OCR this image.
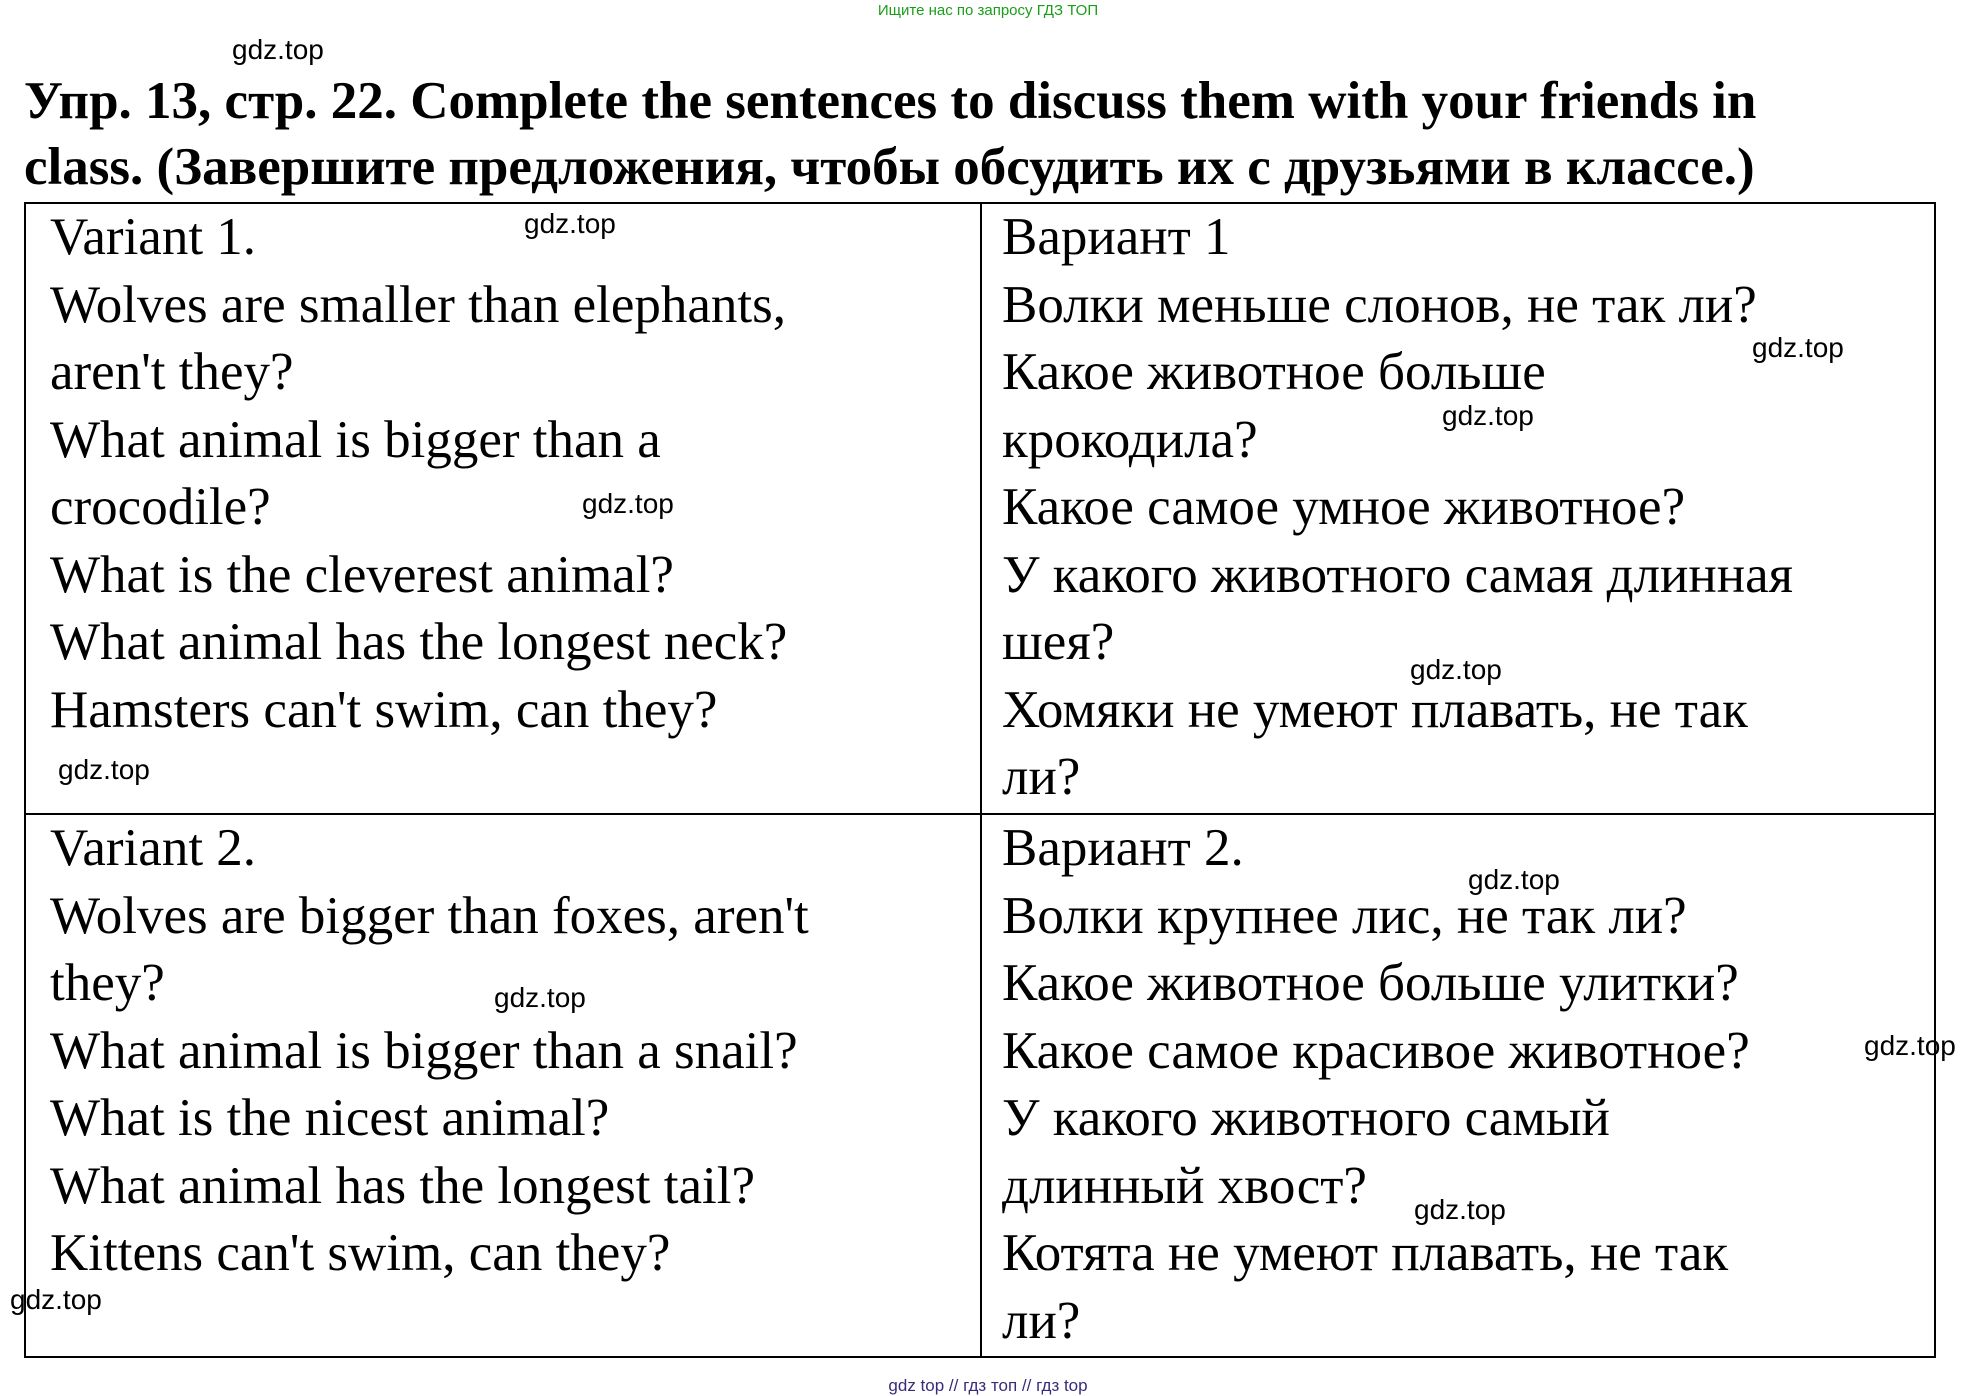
Ищите нас по запросу ГДЗ ТОП
Упр. 13, стр. 22. Complete the sentences to discuss them with your friends in
class. (Завершите предложения, чтобы обсудить их с друзьями в классе.)
Variant 1.
Wolves are smaller than elephants,
aren't they?
What animal is bigger than a
crocodile?
What is the cleverest animal?
What animal has the longest neck?
Hamsters can't swim, can they?
Вариант 1
Волки меньше слонов, не так ли?
Какое животное больше
крокодила?
Какое самое умное животное?
У какого животного самая длинная
шея?
Хомяки не умеют плавать, не так
ли?
Variant 2.
Wolves are bigger than foxes, aren't
they?
What animal is bigger than a snail?
What is the nicest animal?
What animal has the longest tail?
Kittens can't swim, can they?
Вариант 2.
Волки крупнее лис, не так ли?
Какое животное больше улитки?
Какое самое красивое животное?
У какого животного самый
длинный хвост?
Котята не умеют плавать, не так
ли?
gdz.top
gdz.top
gdz.top
gdz.top
gdz.top
gdz.top
gdz.top
gdz.top
gdz.top
gdz.top
gdz.top
gdz.top
gdz top // гдз топ // гдз top
